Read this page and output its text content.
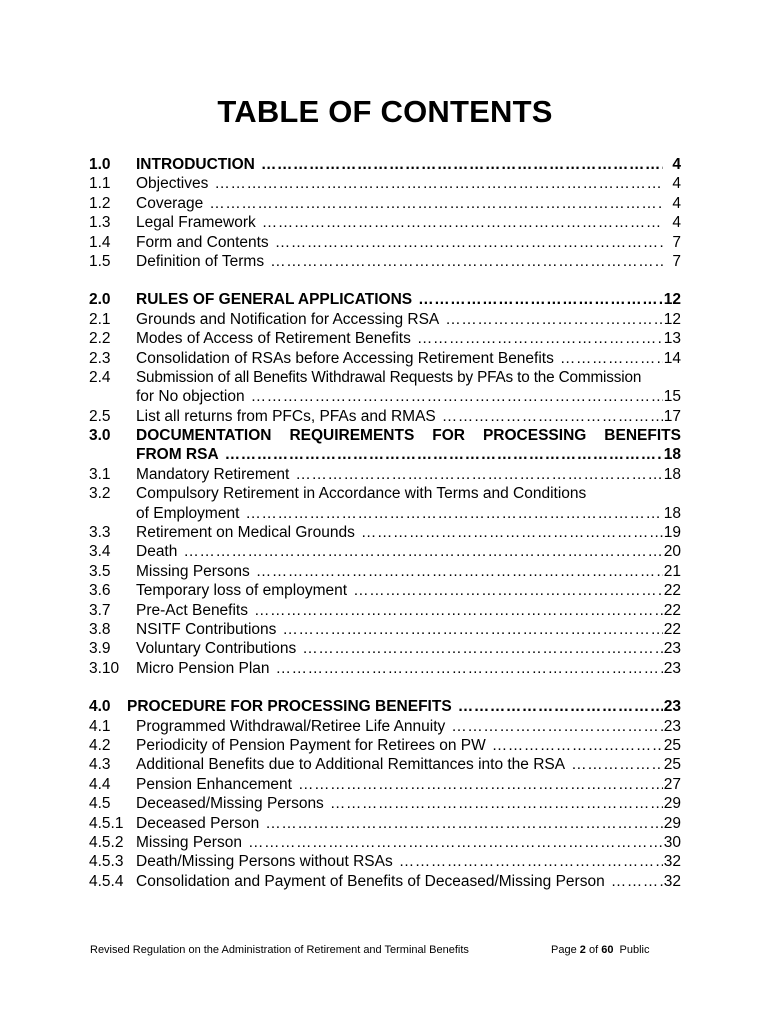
TABLE OF CONTENTS
1.0	INTRODUCTION ……………………………………………………………………………………………………………………………………	4
1.1	Objectives ……………………………………………………………………………………………………………………………………	4
1.2	Coverage ……………………………………………………………………………………………………………………………………	4
1.3	Legal Framework ……………………………………………………………………………………………………………………………………	4
1.4	Form and Contents ……………………………………………………………………………………………………………………………………	7
1.5	Definition of Terms ……………………………………………………………………………………………………………………………………	7
2.0	RULES OF GENERAL APPLICATIONS ……………………………………………………………………………………………………………………………………	12
2.1	Grounds and Notification for Accessing RSA ……………………………………………………………………………………………………………………………………	12
2.2	Modes of Access of Retirement Benefits ……………………………………………………………………………………………………………………………………	13
2.3	Consolidation of RSAs before Accessing Retirement Benefits ……………………………………………………………………………………………………………………………………	14
2.4	Submission of all Benefits Withdrawal Requests by PFAs to the Commission
for No objection ……………………………………………………………………………………………………………………………………	15
2.5	List all returns from PFCs, PFAs and RMAS ……………………………………………………………………………………………………………………………………	17
3.0	DOCUMENTATION REQUIREMENTS FOR PROCESSING BENEFITS
FROM RSA ……………………………………………………………………………………………………………………………………	18
3.1	Mandatory Retirement ……………………………………………………………………………………………………………………………………	18
3.2	Compulsory Retirement in Accordance with Terms and Conditions
of Employment ……………………………………………………………………………………………………………………………………	18
3.3	Retirement on Medical Grounds ……………………………………………………………………………………………………………………………………	19
3.4	Death ……………………………………………………………………………………………………………………………………	20
3.5	Missing Persons ……………………………………………………………………………………………………………………………………	21
3.6	Temporary loss of employment ……………………………………………………………………………………………………………………………………	22
3.7	Pre-Act Benefits ……………………………………………………………………………………………………………………………………	22
3.8	NSITF Contributions ……………………………………………………………………………………………………………………………………	22
3.9	Voluntary Contributions ……………………………………………………………………………………………………………………………………	23
3.10	Micro Pension Plan ……………………………………………………………………………………………………………………………………	23
4.0	PROCEDURE FOR PROCESSING BENEFITS ……………………………………………………………………………………………………………………………………	23
4.1	Programmed Withdrawal/Retiree Life Annuity ……………………………………………………………………………………………………………………………………	23
4.2	Periodicity of Pension Payment for Retirees on PW ……………………………………………………………………………………………………………………………………	25
4.3	Additional Benefits due to Additional Remittances into the RSA ……………………………………………………………………………………………………………………………………	25
4.4	Pension Enhancement ……………………………………………………………………………………………………………………………………	27
4.5	Deceased/Missing Persons ……………………………………………………………………………………………………………………………………	29
4.5.1 Deceased Person ……………………………………………………………………………………………………………………………………	29
4.5.2 Missing Person ……………………………………………………………………………………………………………………………………	30
4.5.3 Death/Missing Persons without RSAs ……………………………………………………………………………………………………………………………………	32
4.5.4 Consolidation and Payment of Benefits of Deceased/Missing Person ……………………………………………………………………………………………………………………………………	32
Revised Regulation on the Administration of Retirement and Terminal Benefits	Page 2 of 60 Public
